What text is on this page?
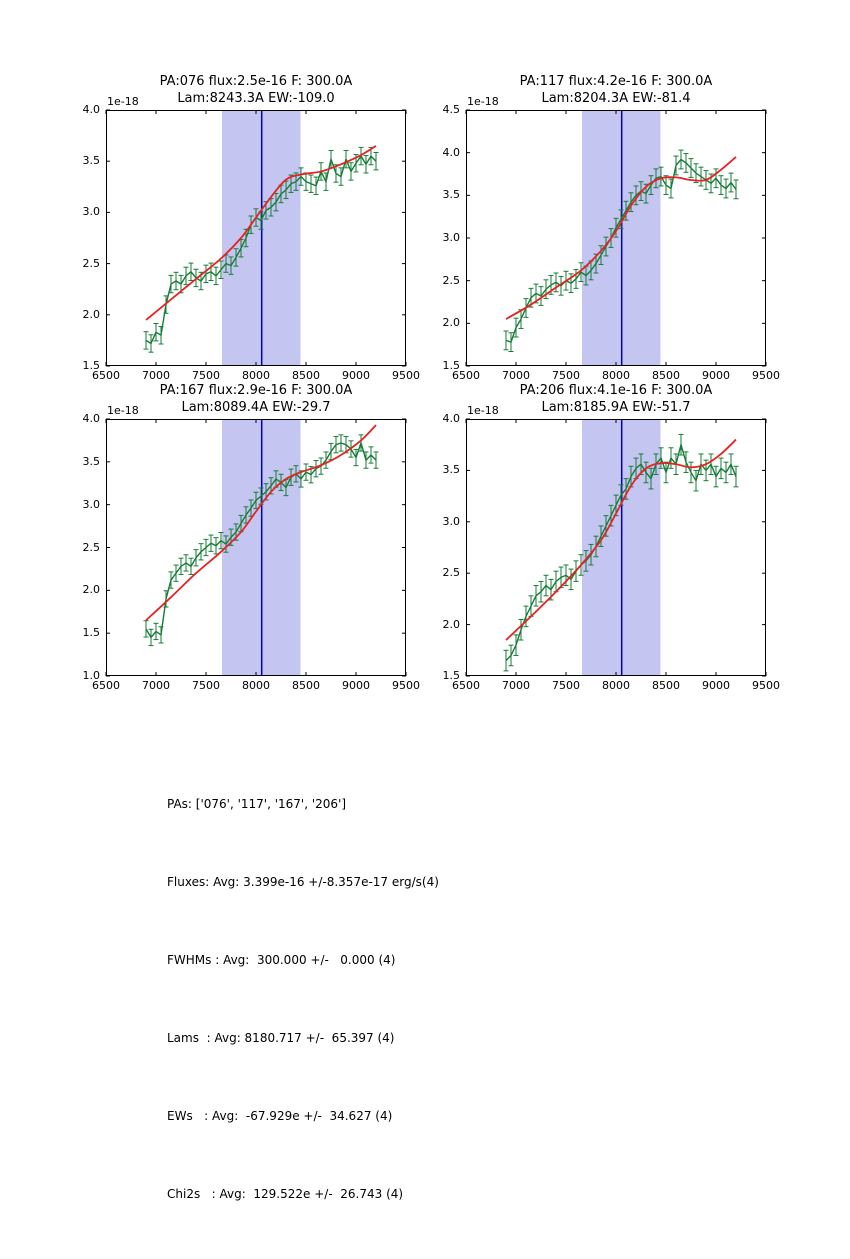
PA:076 flux:2.5e-16 F: 300.0A
Lam:8243.3A EW:-109.0
1e-18
6500 7000 7500 8000 8500 9000 9500
1.5
2.0
2.5
3.0
3.5
4.0
PA:117 flux:4.2e-16 F: 300.0A
Lam:8204.3A EW:-81.4
1e-18
6500 7000 7500 8000 8500 9000 9500
1.5
2.0
2.5
3.0
3.5
4.0
4.5
PA:167 flux:2.9e-16 F: 300.0A
Lam:8089.4A EW:-29.7
1e-18
6500 7000 7500 8000 8500 9000 9500
1.0
1.5
2.0
2.5
3.0
3.5
4.0
PA:206 flux:4.1e-16 F: 300.0A
Lam:8185.9A EW:-51.7
1e-18
6500 7000 7500 8000 8500 9000 9500
1.5
2.0
2.5
3.0
3.5
4.0

PAs: ['076', '117', '167', '206']

Fluxes: Avg: 3.399e-16 +/-8.357e-17 erg/s(4)

FWHMs : Avg:  300.000 +/-   0.000 (4)

Lams  : Avg: 8180.717 +/-  65.397 (4)

EWs   : Avg:  -67.929e +/-  34.627 (4)

Chi2s   : Avg:  129.522e +/-  26.743 (4)
